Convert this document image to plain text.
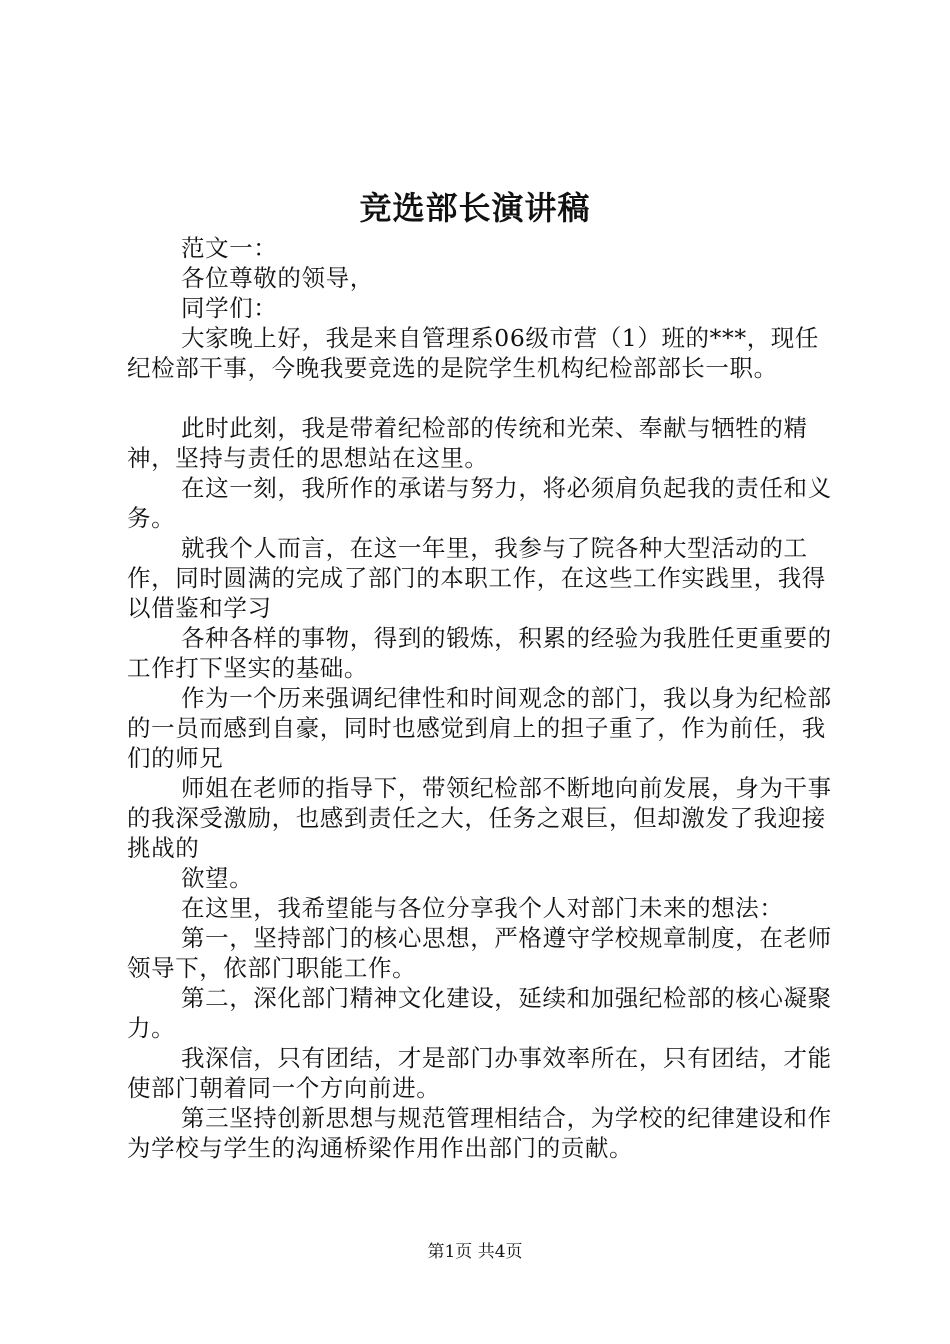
竞选部长演讲稿

范文一：

各位尊敬的领导，

同学们：

大家晚上好，我是来自管理系06级市营（1）班的***，现任纪检部干事，今晚我要竞选的是院学生机构纪检部部长一职。

此时此刻，我是带着纪检部的传统和光荣、奉献与牺牲的精神，坚持与责任的思想站在这里。

在这一刻，我所作的承诺与努力，将必须肩负起我的责任和义务。

就我个人而言，在这一年里，我参与了院各种大型活动的工作，同时圆满的完成了部门的本职工作，在这些工作实践里，我得以借鉴和学习

各种各样的事物，得到的锻炼，积累的经验为我胜任更重要的工作打下坚实的基础。

作为一个历来强调纪律性和时间观念的部门，我以身为纪检部的一员而感到自豪，同时也感觉到肩上的担子重了，作为前任，我们的师兄

师姐在老师的指导下，带领纪检部不断地向前发展，身为干事的我深受激励，也感到责任之大，任务之艰巨，但却激发了我迎接挑战的

欲望。

在这里，我希望能与各位分享我个人对部门未来的想法：

第一，坚持部门的核心思想，严格遵守学校规章制度，在老师领导下，依部门职能工作。

第二，深化部门精神文化建设，延续和加强纪检部的核心凝聚力。

我深信，只有团结，才是部门办事效率所在，只有团结，才能使部门朝着同一个方向前进。

第三坚持创新思想与规范管理相结合，为学校的纪律建设和作为学校与学生的沟通桥梁作用作出部门的贡献。

第1页 共4页
